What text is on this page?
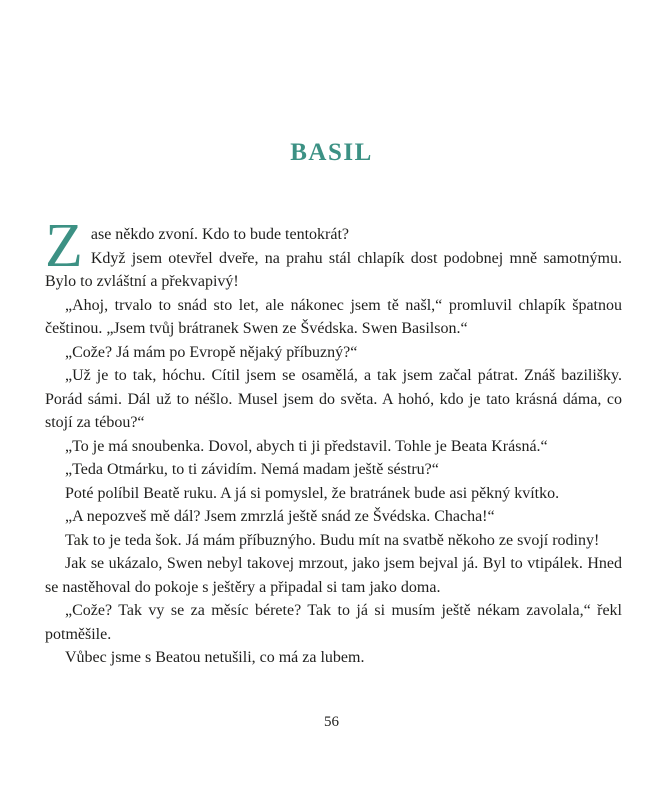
BASIL
Z ase někdo zvoní. Kdo to bude tentokrát?

Když jsem otevřel dveře, na prahu stál chlapík dost podobnej mně samotnýmu. Bylo to zvláštní a překvapivý!

„Ahoj, trvalo to snád sto let, ale nákonec jsem tě našl,“ promluvil chlapík špatnou češtinou. „Jsem tvůj brátranek Swen ze Švédska. Swen Basilson.“

„Cože? Já mám po Evropě nějaký příbuzný?“

„Už je to tak, hóchu. Cítil jsem se osamělá, a tak jsem začal pátrat. Znáš bazilišky. Porád sámi. Dál už to néšlo. Musel jsem do světa. A hohó, kdo je tato krásná dáma, co stojí za tébou?“

„To je má snoubenka. Dovol, abych ti ji představil. Tohle je Beata Krásná.“

„Teda Otmárku, to ti závidím. Nemá madam ještě séstru?“

Poté políbil Beatě ruku. A já si pomyslel, že bratránek bude asi pěkný kvítko.

„A nepozveš mě dál? Jsem zmrzlá ještě snád ze Švédska. Chacha!“

Tak to je teda šok. Já mám příbuznýho. Budu mít na svatbě někoho ze svojí rodiny!

Jak se ukázalo, Swen nebyl takovej mrzout, jako jsem bejval já. Byl to vtipálek. Hned se nastěhoval do pokoje s ještěry a připadal si tam jako doma.

„Cože? Tak vy se za měsíc bérete? Tak to já si musím ještě nékam zavolala,“ řekl potměšile.

Vůbec jsme s Beatou netušili, co má za lubem.

56
